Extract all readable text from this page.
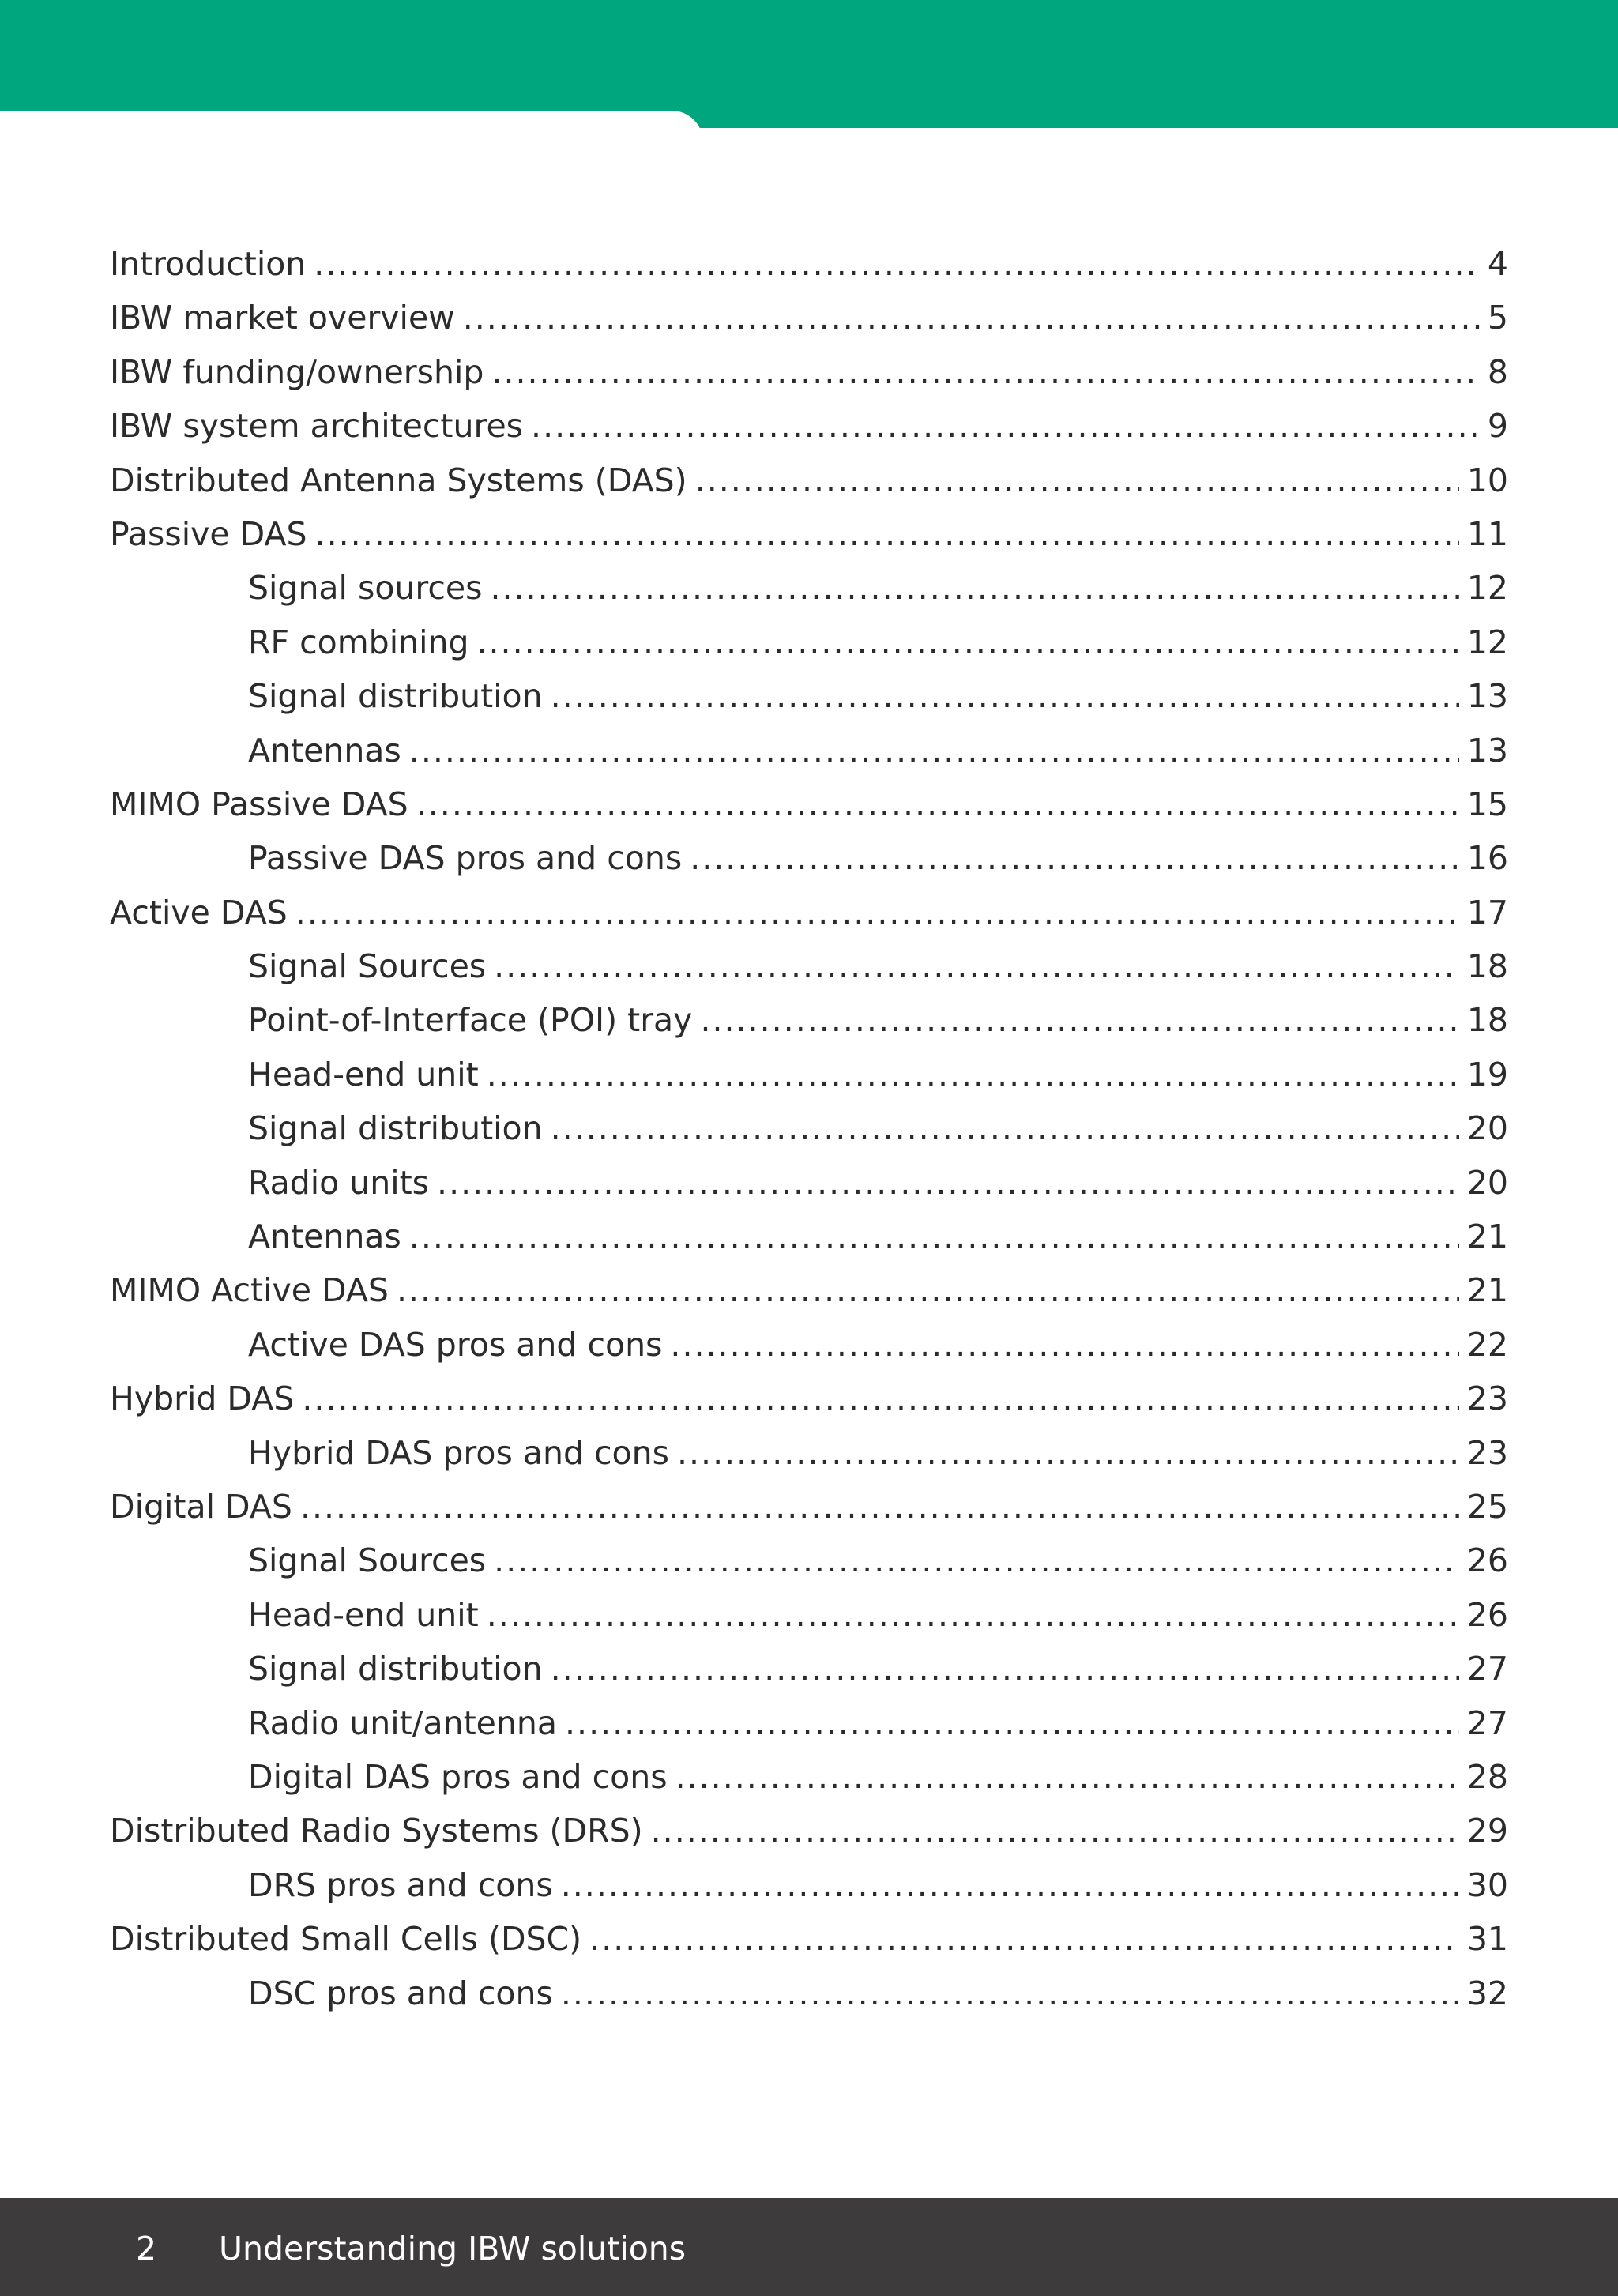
Introduction .....	4
IBW market overview .....	5
IBW funding/ownership .....	8
IBW system architectures .....	9
Distributed Antenna Systems (DAS) .....	10
Passive DAS .....	11
Signal sources .....	12
RF combining .....	12
Signal distribution .....	13
Antennas .....	13
MIMO Passive DAS .....	15
Passive DAS pros and cons .....	16
Active DAS .....	17
Signal Sources .....	18
Point-of-Interface (POI) tray .....	18
Head-end unit .....	19
Signal distribution .....	20
Radio units .....	20
Antennas .....	21
MIMO Active DAS .....	21
Active DAS pros and cons .....	22
Hybrid DAS .....	23
Hybrid DAS pros and cons .....	23
Digital DAS .....	25
Signal Sources .....	26
Head-end unit .....	26
Signal distribution .....	27
Radio unit/antenna .....	27
Digital DAS pros and cons .....	28
Distributed Radio Systems (DRS) .....	29
DRS pros and cons .....	30
Distributed Small Cells (DSC) .....	31
DSC pros and cons .....	32
2 Understanding IBW solutions
